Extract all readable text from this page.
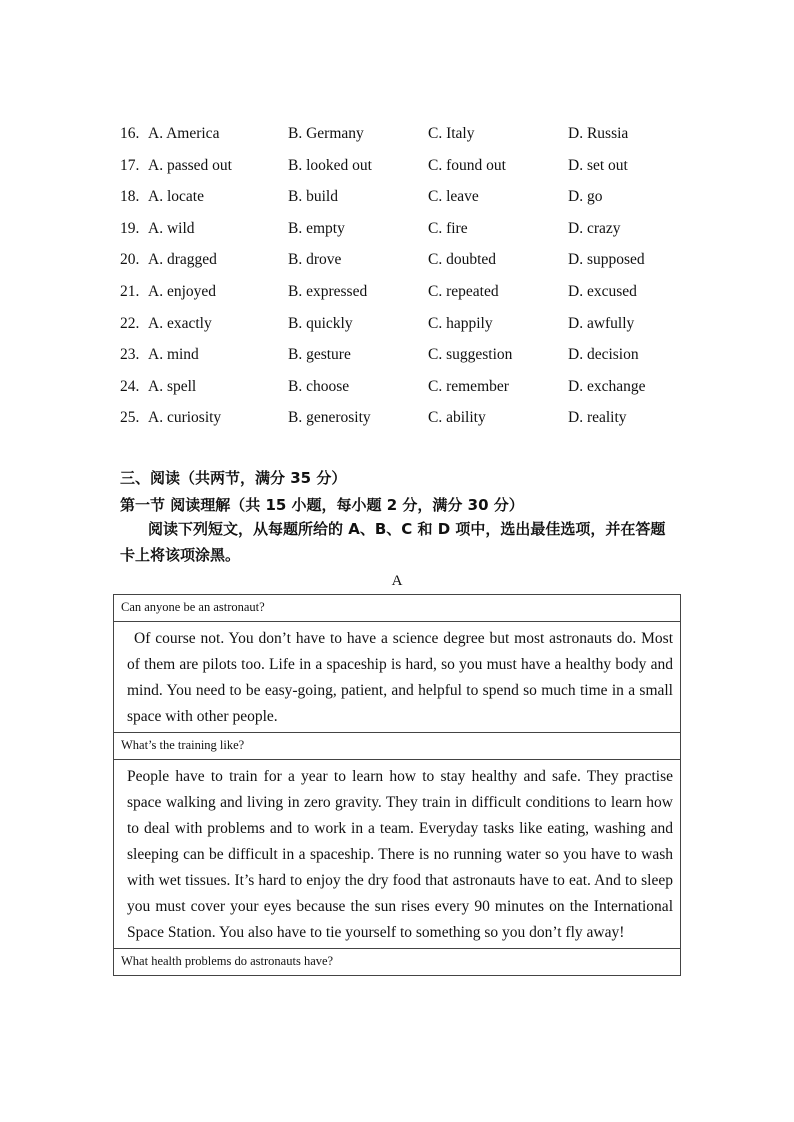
16. A. America	B. Germany	C. Italy	D. Russia
17. A. passed out	B. looked out	C. found out	D. set out
18. A. locate	B. build	C. leave	D. go
19. A. wild	B. empty	C. fire	D. crazy
20. A. dragged	B. drove	C. doubted	D. supposed
21. A. enjoyed	B. expressed	C. repeated	D. excused
22. A. exactly	B. quickly	C. happily	D. awfully
23. A. mind	B. gesture	C. suggestion	D. decision
24. A. spell	B. choose	C. remember	D. exchange
25. A. curiosity	B. generosity	C. ability	D. reality
三、阅读（共两节，满分 35 分）
第一节 阅读理解（共 15 小题，每小题 2 分，满分 30 分）
阅读下列短文，从每题所给的 A、B、C 和 D 项中，选出最佳选项，并在答题卡上将该项涂黑。
A
Can anyone be an astronaut?
Of course not. You don’t have to have a science degree but most astronauts do. Most of them are pilots too. Life in a spaceship is hard, so you must have a healthy body and mind. You need to be easy-going, patient, and helpful to spend so much time in a small space with other people.
What’s the training like?
People have to train for a year to learn how to stay healthy and safe. They practise space walking and living in zero gravity. They train in difficult conditions to learn how to deal with problems and to work in a team. Everyday tasks like eating, washing and sleeping can be difficult in a spaceship. There is no running water so you have to wash with wet tissues. It’s hard to enjoy the dry food that astronauts have to eat. And to sleep you must cover your eyes because the sun rises every 90 minutes on the International Space Station. You also have to tie yourself to something so you don’t fly away!
What health problems do astronauts have?
